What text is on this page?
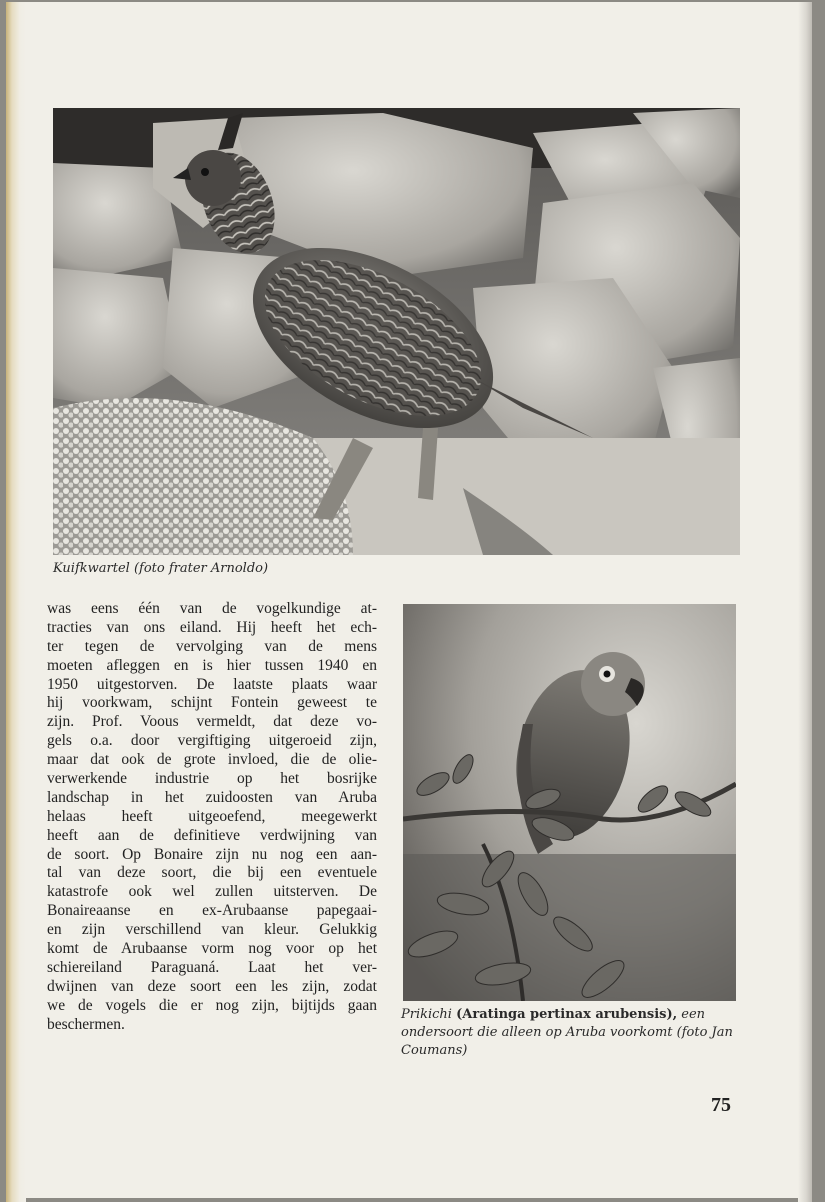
Kuifkwartel (foto frater Arnoldo)
was eens één van de vogelkundige at-
tracties van ons eiland. Hij heeft het ech-
ter tegen de vervolging van de mens
moeten afleggen en is hier tussen 1940 en
1950 uitgestorven. De laatste plaats waar
hij voorkwam, schijnt Fontein geweest te
zijn. Prof. Voous vermeldt, dat deze vo-
gels o.a. door vergiftiging uitgeroeid zijn,
maar dat ook de grote invloed, die de olie-
verwerkende industrie op het bosrijke
landschap in het zuidoosten van Aruba
helaas heeft uitgeoefend, meegewerkt
heeft aan de definitieve verdwijning van
de soort. Op Bonaire zijn nu nog een aan-
tal van deze soort, die bij een eventuele
katastrofe ook wel zullen uitsterven. De
Bonaireaanse en ex-Arubaanse papegaai-
en zijn verschillend van kleur. Gelukkig
komt de Arubaanse vorm nog voor op het
schiereiland Paraguaná. Laat het ver-
dwijnen van deze soort een les zijn, zodat
we de vogels die er nog zijn, bijtijds gaan
beschermen.
Prikichi (Aratinga pertinax arubensis), een ondersoort die alleen op Aruba voorkomt (foto Jan Coumans)
75
